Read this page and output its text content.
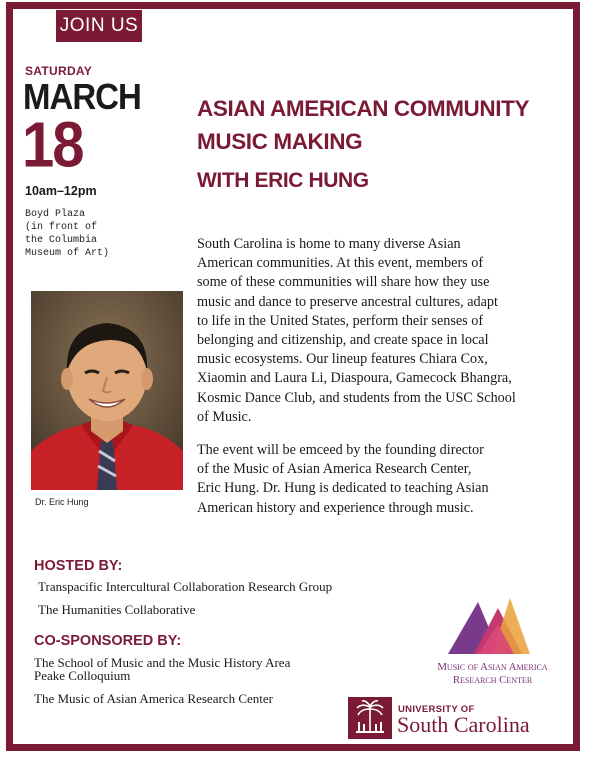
JOIN US
SATURDAY
MARCH
18
10am–12pm
Boyd Plaza
(in front of
the Columbia
Museum of Art)
ASIAN AMERICAN COMMUNITY
MUSIC MAKING
WITH ERIC HUNG
Dr. Eric Hung
South Carolina is home to many diverse Asian
American communities. At this event, members of
some of these communities will share how they use
music and dance to preserve ancestral cultures, adapt
to life in the United States, perform their senses of
belonging and citizenship, and create space in local
music ecosystems. Our lineup features Chiara Cox,
Xiaomin and Laura Li, Diaspoura, Gamecock Bhangra,
Kosmic Dance Club, and students from the USC School
of Music.
The event will be emceed by the founding director
of the Music of Asian America Research Center,
Eric Hung. Dr. Hung is dedicated to teaching Asian
American history and experience through music.
HOSTED BY:
Transpacific Intercultural Collaboration Research Group
The Humanities Collaborative
CO-SPONSORED BY:
The School of Music and the Music History Area
Peake Colloquium
The Music of Asian America Research Center
Music of Asian America
Research Center
UNIVERSITY OF
South Carolina
